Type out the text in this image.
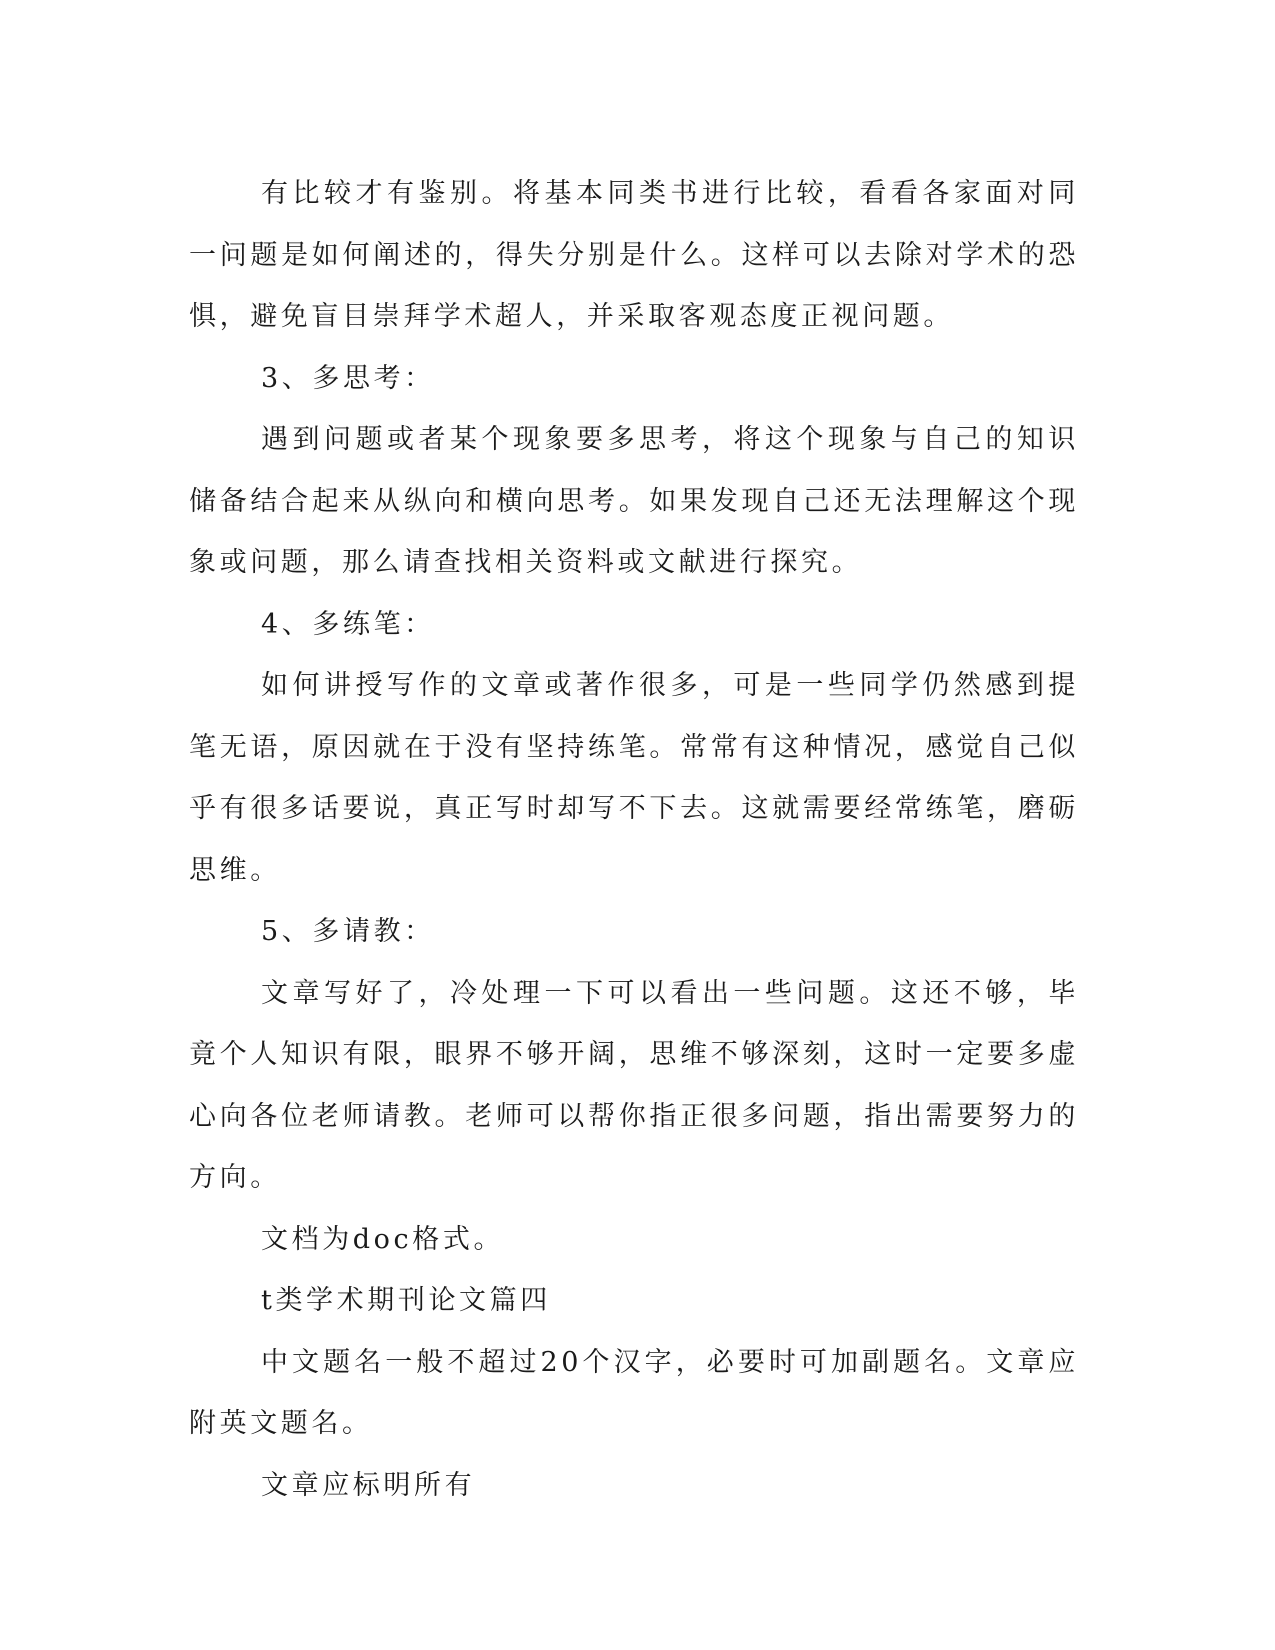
有比较才有鉴别。将基本同类书进行比较，看看各家面对同一问题是如何阐述的，得失分别是什么。这样可以去除对学术的恐惧，避免盲目崇拜学术超人，并采取客观态度正视问题。

3、多思考：

遇到问题或者某个现象要多思考，将这个现象与自己的知识储备结合起来从纵向和横向思考。如果发现自己还无法理解这个现象或问题，那么请查找相关资料或文献进行探究。

4、多练笔：

如何讲授写作的文章或著作很多，可是一些同学仍然感到提笔无语，原因就在于没有坚持练笔。常常有这种情况，感觉自己似乎有很多话要说，真正写时却写不下去。这就需要经常练笔，磨砺思维。

5、多请教：

文章写好了，冷处理一下可以看出一些问题。这还不够，毕竟个人知识有限，眼界不够开阔，思维不够深刻，这时一定要多虚心向各位老师请教。老师可以帮你指正很多问题，指出需要努力的方向。

文档为doc格式。

t类学术期刊论文篇四

中文题名一般不超过20个汉字，必要时可加副题名。文章应附英文题名。

文章应标明所有
